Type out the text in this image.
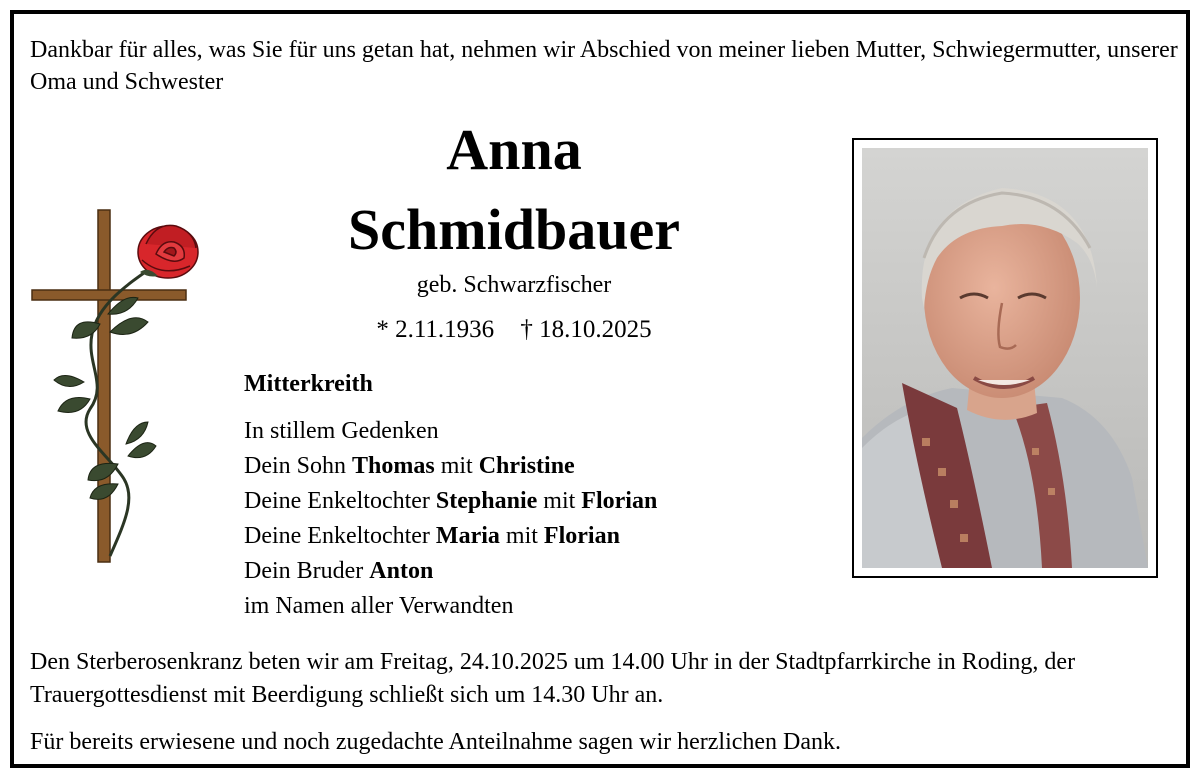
Dankbar für alles, was Sie für uns getan hat, nehmen wir Abschied von meiner lieben Mutter, Schwiegermutter, unserer Oma und Schwester

Anna
Schmidbauer
geb. Schwarzfischer
* 2.11.1936 † 18.10.2025
Mitterkreith
In stillem Gedenken
Dein Sohn Thomas mit Christine
Deine Enkeltochter Stephanie mit Florian
Deine Enkeltochter Maria mit Florian
Dein Bruder Anton
im Namen aller Verwandten

Den Sterberosenkranz beten wir am Freitag, 24.10.2025 um 14.00 Uhr in der Stadtpfarrkirche in Roding, der Trauergottesdienst mit Beerdigung schließt sich um 14.30 Uhr an.

Für bereits erwiesene und noch zugedachte Anteilnahme sagen wir herzlichen Dank.
